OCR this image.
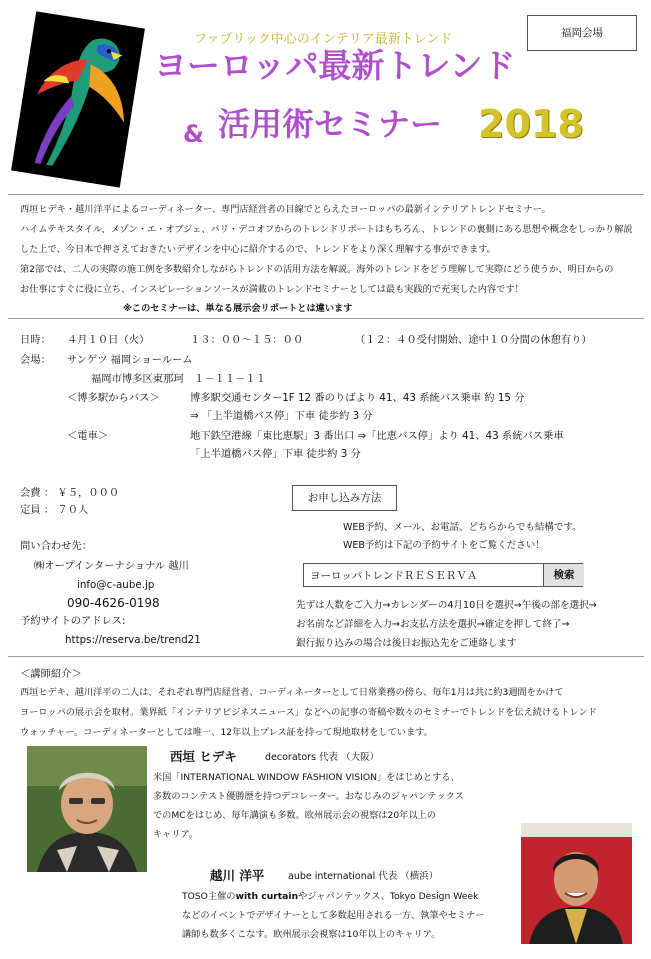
福岡会場
ファブリック中心のインテリア最新トレンド
ヨーロッパ最新トレンド
& 活用術セミナー 2018
西垣ヒデキ・越川洋平によるコーディネーター、専門店経営者の目線でとらえたヨーロッパの最新インテリアトレンドセミナー。
ハイムテキスタイル、メゾン・エ・オブジェ、パリ・デコオフからのトレンドリポートはもちろん、トレンドの裏側にある思想や概念をしっかり解説
した上で、今日本で押さえておきたいデザインを中心に紹介するので、トレンドをより深く理解する事ができます。
第2部では、二人の実際の施工例を多数紹介しながらトレンドの活用方法を解説。海外のトレンドをどう理解して実際にどう使うか、明日からの
お仕事にすぐに役に立ち、インスピレーションソースが満載のトレンドセミナーとしては最も実践的で充実した内容です！
※このセミナーは、単なる展示会リポートとは違います
日時： ４月１０日（火）	１３：００～１５：００	（１２：４０受付開始、途中１０分間の休憩有り）
会場： サンゲツ 福岡ショールーム
福岡市博多区東那珂　１－１１－１１
＜博多駅からバス＞	博多駅交通センター1F 12 番のりばより 41、43 系統バス乗車 約 15 分
⇒ 「上半道橋バス停」下車 徒歩約 3 分
＜電車＞	地下鉄空港線「東比恵駅」3 番出口 ⇒「比恵バス停」より 41、43 系統バス乗車
「上半道橋バス停」下車 徒歩約 3 分
会費 ： ￥５，０００
定員 ： ７０人
問い合わせ先：
㈱オープインターナショナル 越川
info@c-aube.jp
090-4626-0198
予約サイトのアドレス:
https://reserva.be/trend21
お申し込み方法
WEB予約、メール、お電話、どちらからでも結構です。
WEB予約は下記の予約サイトをご覧ください！
ヨーロッパトレンドＲＥＳＥＲＶＡ	検索
先ずは人数をご入力→カレンダーの4月10日を選択→午後の部を選択→
お名前など詳細を入力→お支払方法を選択→確定を押して終了→
銀行振り込みの場合は後日お振込先をご連絡します
＜講師紹介＞
西垣ヒデキ、越川洋平の二人は、それぞれ専門店経営者、コーディネーターとして日常業務の傍ら、毎年1月は共に約3週間をかけて
ヨーロッパの展示会を取材。業界紙「インテリアビジネスニュース」などへの記事の寄稿や数々のセミナーでトレンドを伝え続けるトレンド
ウォッチャー。コーディネーターとしては唯一、12年以上プレス証を持って現地取材をしています。
西垣 ヒデキ	decorators 代表 （大阪）
米国「INTERNATIONAL WINDOW FASHION VISION」をはじめとする、
多数のコンテスト優勝歴を持つデコレーター。おなじみのジャパンテックス
でのMCをはじめ、毎年講演も多数。欧州展示会の視察は20年以上の
キャリア。
越川 洋平 aube international 代表 （横浜）
TOSO主催のwith curtainやジャパンテックス、Tokyo Design Week
などのイベントでデザイナーとして多数起用される一方、執筆やセミナー
講師も数多くこなす。欧州展示会視察は10年以上のキャリア。
